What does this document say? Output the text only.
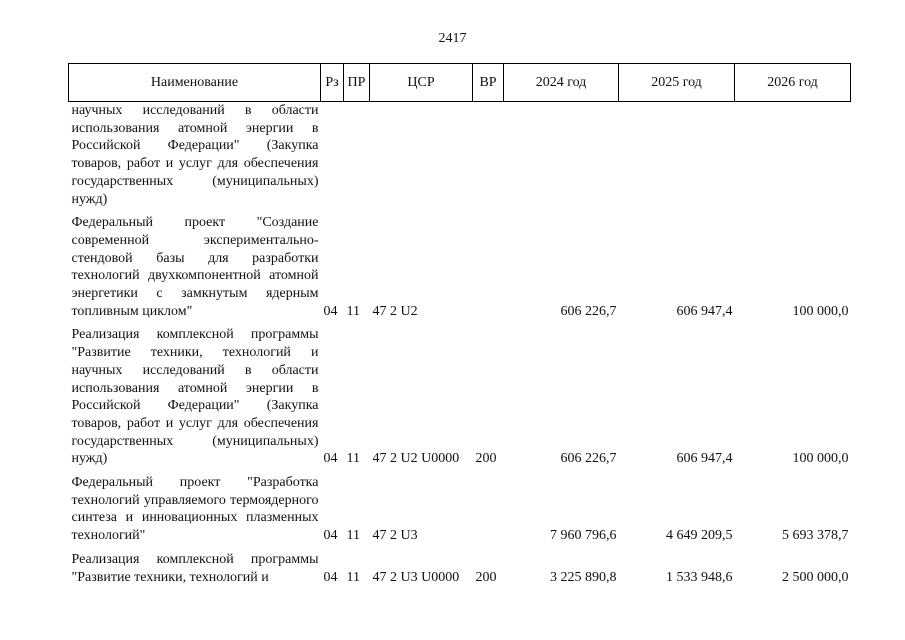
2417
Наименование	Рз	ПР	ЦСР	ВР	2024 год	2025 год	2026 год
научных исследований в области использования атомной энергии в Российской Федерации" (Закупка товаров, работ и услуг для обеспечения государственных (муниципальных) нужд)							
Федеральный проект "Создание современной экспериментально-стендовой базы для разработки технологий двухкомпонентной атомной энергетики с замкнутым ядерным топливным циклом"	04	11	47 2 U2		606 226,7	606 947,4	100 000,0
Реализация комплексной программы "Развитие техники, технологий и научных исследований в области использования атомной энергии в Российской Федерации" (Закупка товаров, работ и услуг для обеспечения государственных (муниципальных) нужд)	04	11	47 2 U2 U0000	200	606 226,7	606 947,4	100 000,0
Федеральный проект "Разработка технологий управляемого термоядерного синтеза и инновационных плазменных технологий"	04	11	47 2 U3		7 960 796,6	4 649 209,5	5 693 378,7
Реализация комплексной программы "Развитие техники, технологий и	04	11	47 2 U3 U0000	200	3 225 890,8	1 533 948,6	2 500 000,0
